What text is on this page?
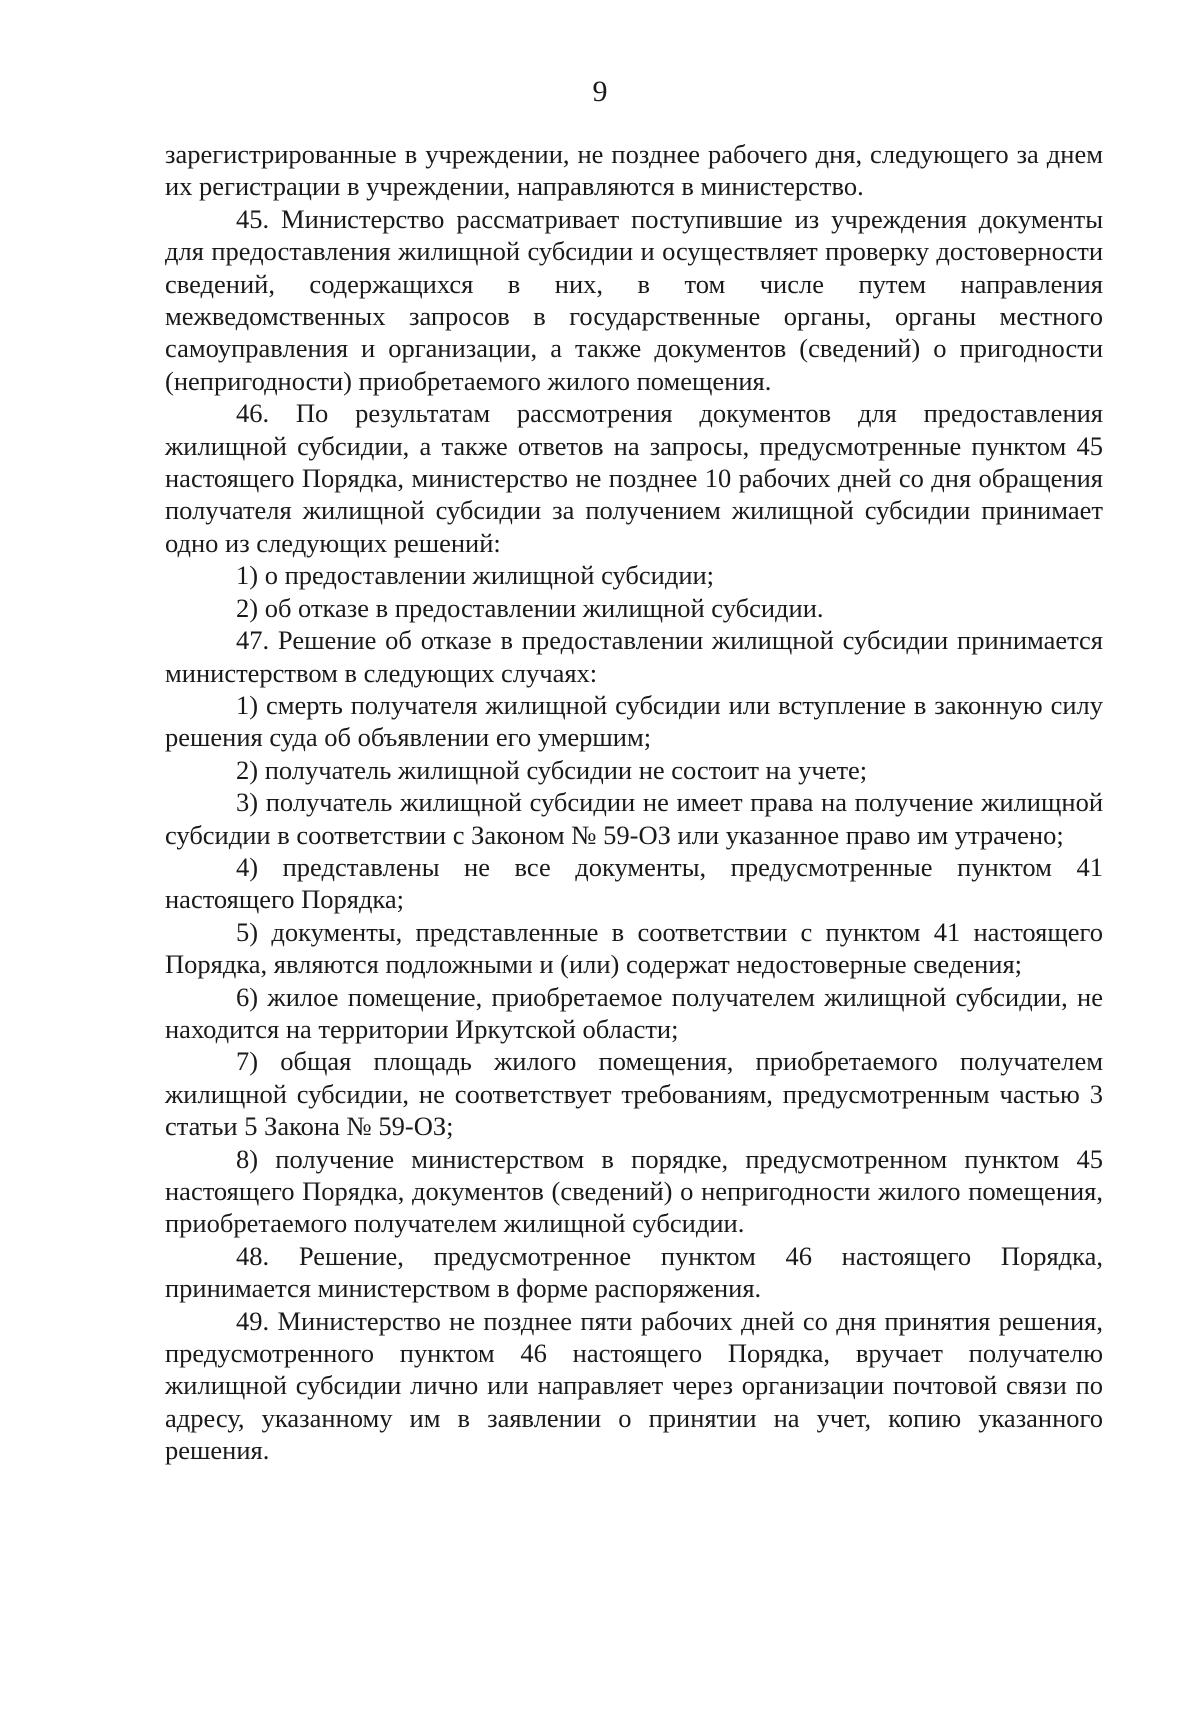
9

зарегистрированные в учреждении, не позднее рабочего дня, следующего за днем их регистрации в учреждении, направляются в министерство.

45. Министерство рассматривает поступившие из учреждения документы для предоставления жилищной субсидии и осуществляет проверку достоверности сведений, содержащихся в них, в том числе путем направления межведомственных запросов в государственные органы, органы местного самоуправления и организации, а также документов (сведений) о пригодности (непригодности) приобретаемого жилого помещения.

46. По результатам рассмотрения документов для предоставления жилищной субсидии, а также ответов на запросы, предусмотренные пунктом 45 настоящего Порядка, министерство не позднее 10 рабочих дней со дня обращения получателя жилищной субсидии за получением жилищной субсидии принимает одно из следующих решений:

1) о предоставлении жилищной субсидии;

2) об отказе в предоставлении жилищной субсидии.

47. Решение об отказе в предоставлении жилищной субсидии принимается министерством в следующих случаях:

1) смерть получателя жилищной субсидии или вступление в законную силу решения суда об объявлении его умершим;

2) получатель жилищной субсидии не состоит на учете;

3) получатель жилищной субсидии не имеет права на получение жилищной субсидии в соответствии с Законом № 59-ОЗ или указанное право им утрачено;

4) представлены не все документы, предусмотренные пунктом 41 настоящего Порядка;

5) документы, представленные в соответствии с пунктом 41 настоящего Порядка, являются подложными и (или) содержат недостоверные сведения;

6) жилое помещение, приобретаемое получателем жилищной субсидии, не находится на территории Иркутской области;

7) общая площадь жилого помещения, приобретаемого получателем жилищной субсидии, не соответствует требованиям, предусмотренным частью 3 статьи 5 Закона № 59-ОЗ;

8) получение министерством в порядке, предусмотренном пунктом 45 настоящего Порядка, документов (сведений) о непригодности жилого помещения, приобретаемого получателем жилищной субсидии.

48. Решение, предусмотренное пунктом 46 настоящего Порядка, принимается министерством в форме распоряжения.

49. Министерство не позднее пяти рабочих дней со дня принятия решения, предусмотренного пунктом 46 настоящего Порядка, вручает получателю жилищной субсидии лично или направляет через организации почтовой связи по адресу, указанному им в заявлении о принятии на учет, копию указанного решения.
